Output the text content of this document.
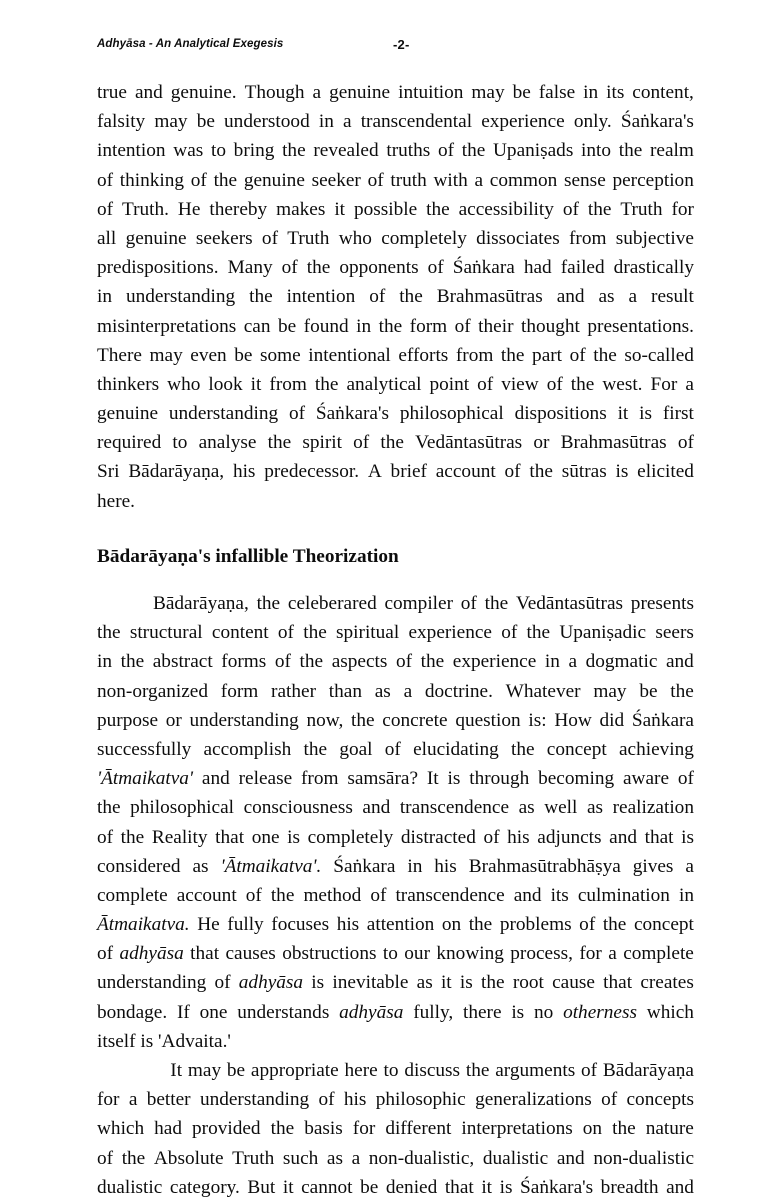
Adhyāsa - An Analytical Exegesis	-2-
true and genuine. Though a genuine intuition may be false in its content,
falsity may be understood in a transcendental experience only. Śaṅkara's
intention was to bring the revealed truths of the Upaniṣads into the realm
of thinking of the genuine seeker of truth with a common sense perception
of Truth. He thereby makes it possible the accessibility of the Truth for
all genuine seekers of Truth who completely dissociates from subjective
predispositions. Many of the opponents of Śaṅkara had failed drastically
in understanding the intention of the Brahmasūtras and as a result
misinterpretations can be found in the form of their thought presentations.
There may even be some intentional efforts from the part of the so-called
thinkers who look it from the analytical point of view of the west. For a
genuine understanding of Śaṅkara's philosophical dispositions it is first
required to analyse the spirit of the Vedāntasūtras or Brahmasūtras of
Sri Bādarāyaṇa, his predecessor. A brief account of the sūtras is elicited
here.
Bādarāyaṇa's infallible Theorization

Bādarāyaṇa, the celeberared compiler of the Vedāntasūtras presents
the structural content of the spiritual experience of the Upaniṣadic seers
in the abstract forms of the aspects of the experience in a dogmatic and
non-organized form rather than as a doctrine. Whatever may be the
purpose or understanding now, the concrete question is: How did Śaṅkara
successfully accomplish the goal of elucidating the concept achieving
'Ātmaikatva' and release from samsāra? It is through becoming aware of
the philosophical consciousness and transcendence as well as realization
of the Reality that one is completely distracted of his adjuncts and that is
considered as 'Ātmaikatva'. Śaṅkara in his Brahmasūtrabhāṣya gives a
complete account of the method of transcendence and its culmination in
Ātmaikatva. He fully focuses his attention on the problems of the concept
of adhyāsa that causes obstructions to our knowing process, for a complete
understanding of adhyāsa is inevitable as it is the root cause that creates
bondage. If one understands adhyāsa fully, there is no otherness which
itself is 'Advaita.'

It may be appropriate here to discuss the arguments of Bādarāyaṇa
for a better understanding of his philosophic generalizations of concepts
which had provided the basis for different interpretations on the nature
of the Absolute Truth such as a non-dualistic, dualistic and non-dualistic
dualistic category. But it cannot be denied that it is Śaṅkara's breadth and
